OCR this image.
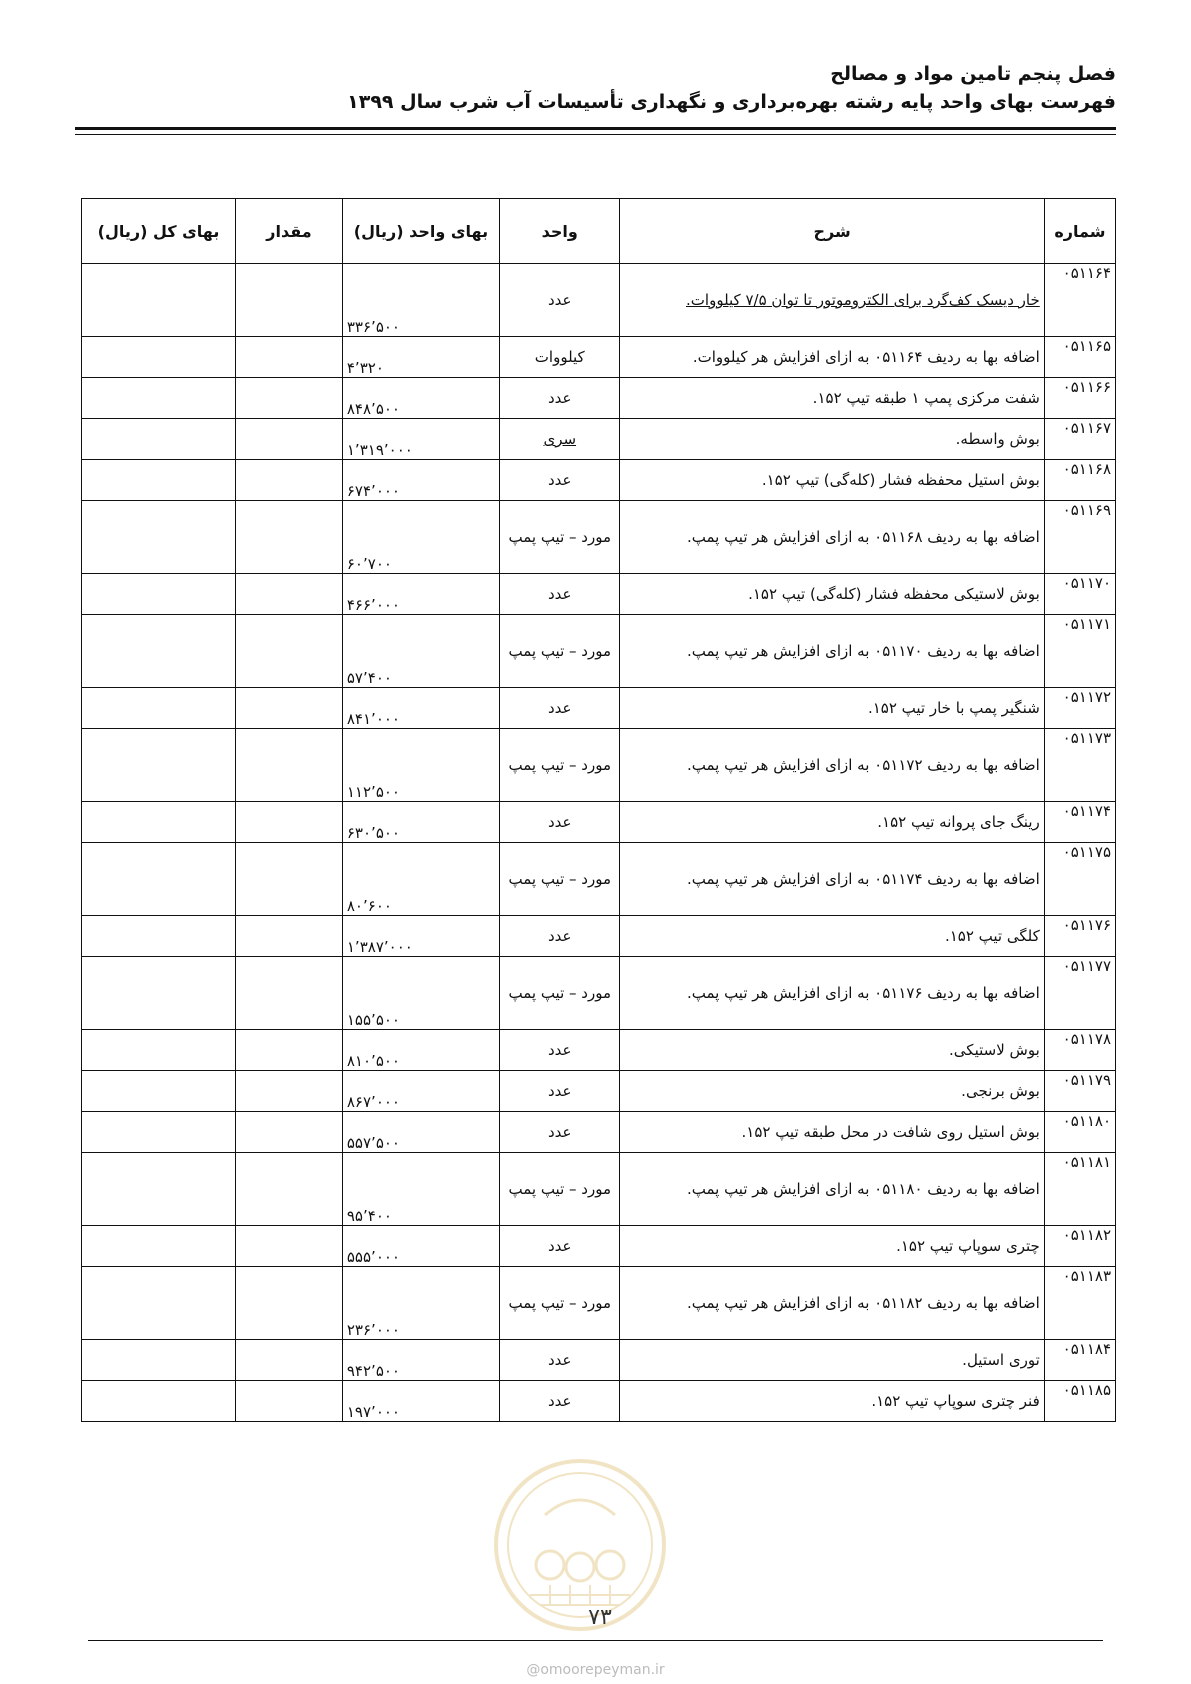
فصل پنجم تامین مواد و مصالح
فهرست بهای واحد پایه رشته بهره‌برداری و نگهداری تأسیسات آب شرب سال ۱۳۹۹
شماره	شرح	واحد	بهای واحد (ریال)	مقدار	بهای کل (ریال)
۰۵۱۱۶۴	خار دیسک کف‌گرد برای الکتروموتور تا توان ۷/۵ کیلووات.	عدد	۳۳۶٬۵۰۰		
۰۵۱۱۶۵	اضافه بها به ردیف ۰۵۱۱۶۴ به ازای افزایش هر کیلووات.	کیلووات	۴٬۳۲۰		
۰۵۱۱۶۶	شفت مرکزی پمپ ۱ طبقه تیپ ۱۵۲.	عدد	۸۴۸٬۵۰۰		
۰۵۱۱۶۷	بوش واسطه.	سری	۱٬۳۱۹٬۰۰۰		
۰۵۱۱۶۸	بوش استیل محفظه فشار (کله‌گی) تیپ ۱۵۲.	عدد	۶۷۴٬۰۰۰		
۰۵۱۱۶۹	اضافه بها به ردیف ۰۵۱۱۶۸ به ازای افزایش هر تیپ پمپ.	مورد – تیپ پمپ	۶۰٬۷۰۰		
۰۵۱۱۷۰	بوش لاستیکی محفظه فشار (کله‌گی) تیپ ۱۵۲.	عدد	۴۶۶٬۰۰۰		
۰۵۱۱۷۱	اضافه بها به ردیف ۰۵۱۱۷۰ به ازای افزایش هر تیپ پمپ.	مورد – تیپ پمپ	۵۷٬۴۰۰		
۰۵۱۱۷۲	شنگیر پمپ با خار تیپ ۱۵۲.	عدد	۸۴۱٬۰۰۰		
۰۵۱۱۷۳	اضافه بها به ردیف ۰۵۱۱۷۲ به ازای افزایش هر تیپ پمپ.	مورد – تیپ پمپ	۱۱۲٬۵۰۰		
۰۵۱۱۷۴	رینگ جای پروانه تیپ ۱۵۲.	عدد	۶۳۰٬۵۰۰		
۰۵۱۱۷۵	اضافه بها به ردیف ۰۵۱۱۷۴ به ازای افزایش هر تیپ پمپ.	مورد – تیپ پمپ	۸۰٬۶۰۰		
۰۵۱۱۷۶	کلگی تیپ ۱۵۲.	عدد	۱٬۳۸۷٬۰۰۰		
۰۵۱۱۷۷	اضافه بها به ردیف ۰۵۱۱۷۶ به ازای افزایش هر تیپ پمپ.	مورد – تیپ پمپ	۱۵۵٬۵۰۰		
۰۵۱۱۷۸	بوش لاستیکی.	عدد	۸۱۰٬۵۰۰		
۰۵۱۱۷۹	بوش برنجی.	عدد	۸۶۷٬۰۰۰		
۰۵۱۱۸۰	بوش استیل روی شافت در محل طبقه تیپ ۱۵۲.	عدد	۵۵۷٬۵۰۰		
۰۵۱۱۸۱	اضافه بها به ردیف ۰۵۱۱۸۰ به ازای افزایش هر تیپ پمپ.	مورد – تیپ پمپ	۹۵٬۴۰۰		
۰۵۱۱۸۲	چتری سوپاپ تیپ ۱۵۲.	عدد	۵۵۵٬۰۰۰		
۰۵۱۱۸۳	اضافه بها به ردیف ۰۵۱۱۸۲ به ازای افزایش هر تیپ پمپ.	مورد – تیپ پمپ	۲۳۶٬۰۰۰		
۰۵۱۱۸۴	توری استیل.	عدد	۹۴۲٬۵۰۰		
۰۵۱۱۸۵	فنر چتری سوپاپ تیپ ۱۵۲.	عدد	۱۹۷٬۰۰۰		
۷۳
@omoorepeyman.ir
